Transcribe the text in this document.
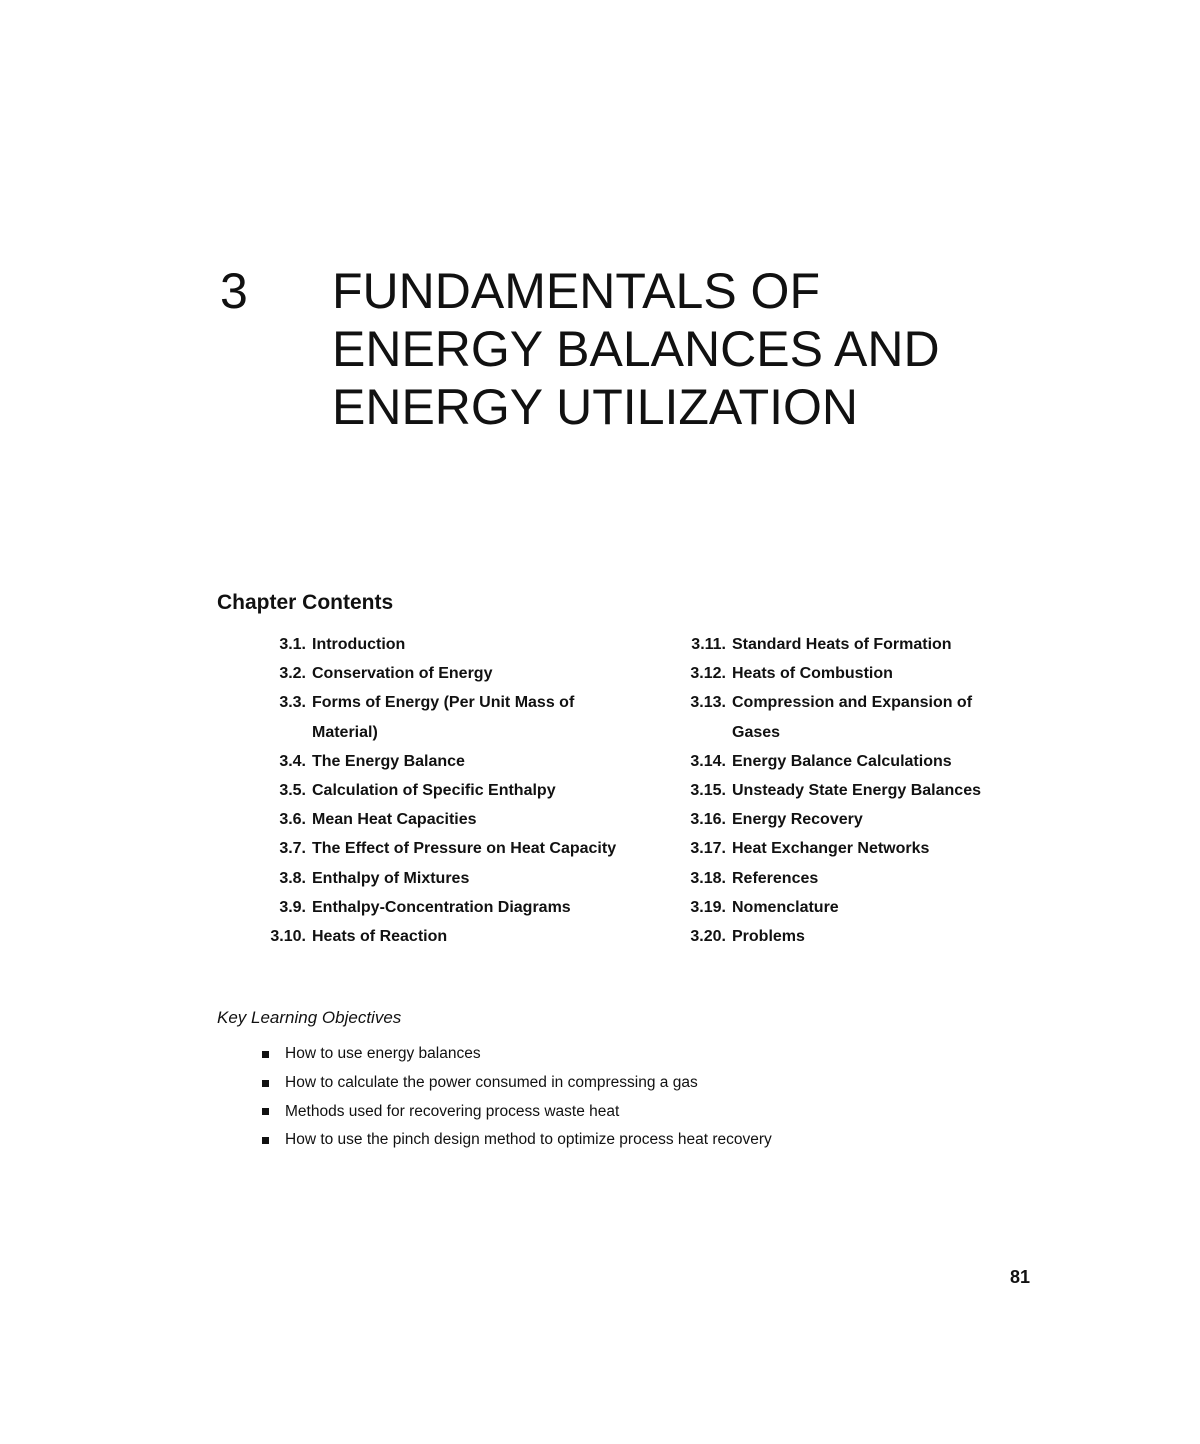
3 FUNDAMENTALS OF
ENERGY BALANCES AND
ENERGY UTILIZATION
Chapter Contents
3.1. Introduction
3.2. Conservation of Energy
3.3. Forms of Energy (Per Unit Mass of Material)
3.4. The Energy Balance
3.5. Calculation of Specific Enthalpy
3.6. Mean Heat Capacities
3.7. The Effect of Pressure on Heat Capacity
3.8. Enthalpy of Mixtures
3.9. Enthalpy-Concentration Diagrams
3.10. Heats of Reaction
3.11. Standard Heats of Formation
3.12. Heats of Combustion
3.13. Compression and Expansion of Gases
3.14. Energy Balance Calculations
3.15. Unsteady State Energy Balances
3.16. Energy Recovery
3.17. Heat Exchanger Networks
3.18. References
3.19. Nomenclature
3.20. Problems
Key Learning Objectives
How to use energy balances
How to calculate the power consumed in compressing a gas
Methods used for recovering process waste heat
How to use the pinch design method to optimize process heat recovery
81
